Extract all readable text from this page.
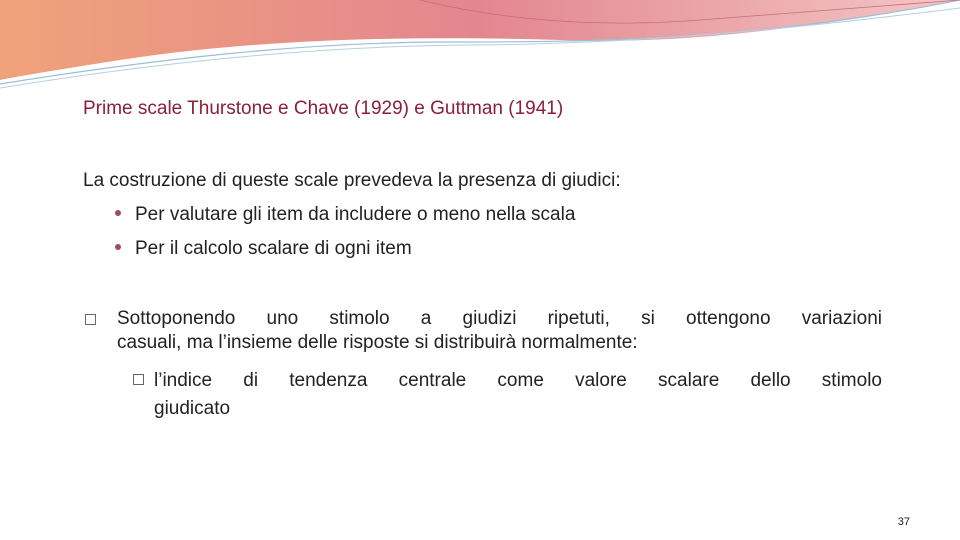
Prime scale Thurstone e Chave (1929) e Guttman (1941)
La costruzione di queste scale prevedeva la presenza di giudici:
Per valutare gli item da includere o meno nella scala
Per il calcolo scalare di ogni item
Sottoponendo uno stimolo a giudizi ripetuti, si ottengono variazioni
casuali, ma l’insieme delle risposte si distribuirà normalmente:
l’indice di tendenza centrale come valore scalare dello stimolo
giudicato
37
